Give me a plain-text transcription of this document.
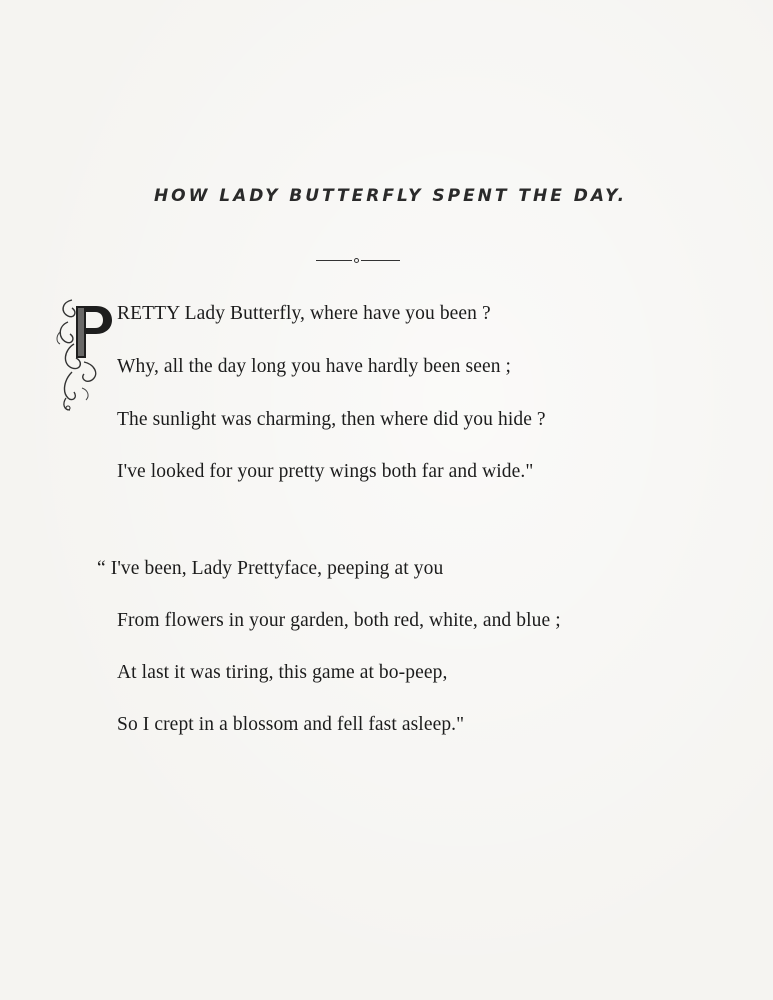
HOW LADY BUTTERFLY SPENT THE DAY.
RETTY Lady Butterfly, where have you been ?
Why, all the day long you have hardly been seen ;
The sunlight was charming, then where did you hide ?
I've looked for your pretty wings both far and wide."
“ I've been, Lady Prettyface, peeping at you
From flowers in your garden, both red, white, and blue ;
At last it was tiring, this game at bo-peep,
So I crept in a blossom and fell fast asleep."
